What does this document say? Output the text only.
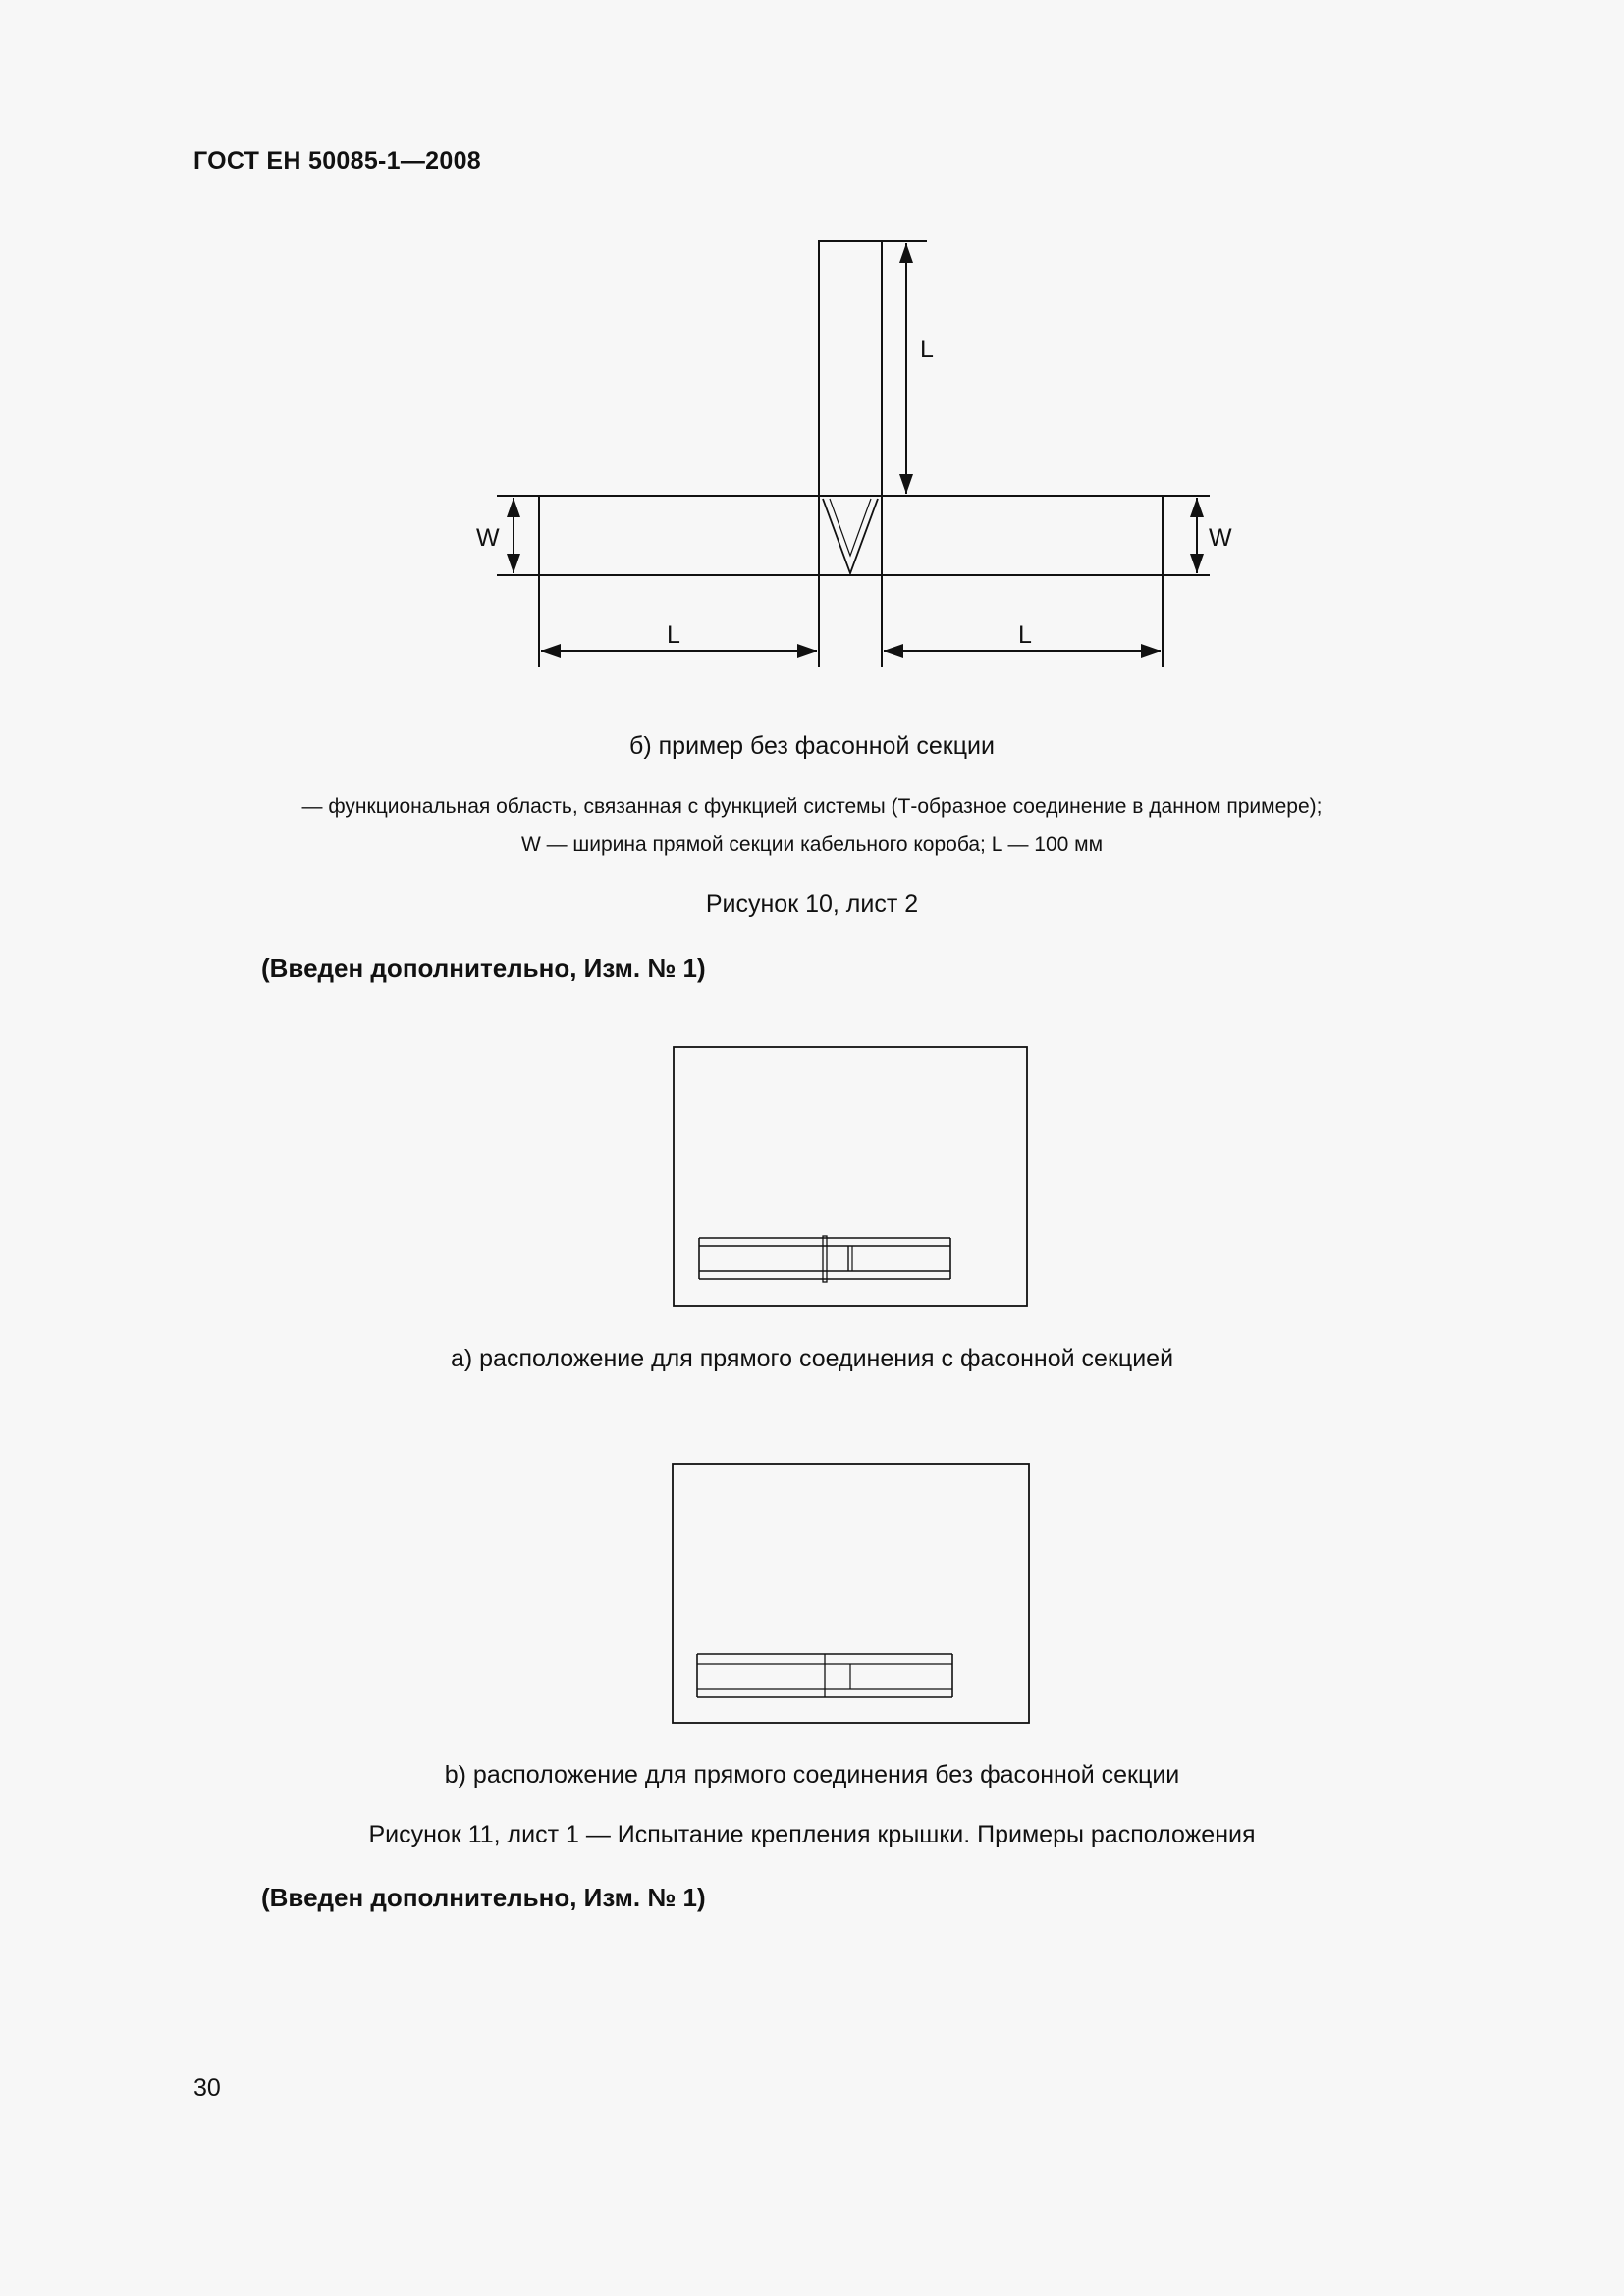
ГОСТ ЕН 50085-1—2008
L
W	W
L	L
б) пример без фасонной секции
— функциональная область, связанная с функцией системы (Т-образное соединение в данном примере);
W — ширина прямой секции кабельного короба; L — 100 мм
Рисунок 10, лист 2
(Введен дополнительно, Изм. № 1)
а) расположение для прямого соединения с фасонной секцией
b) расположение для прямого соединения без фасонной секции
Рисунок 11, лист 1 — Испытание крепления крышки. Примеры расположения
(Введен дополнительно, Изм. № 1)
30
